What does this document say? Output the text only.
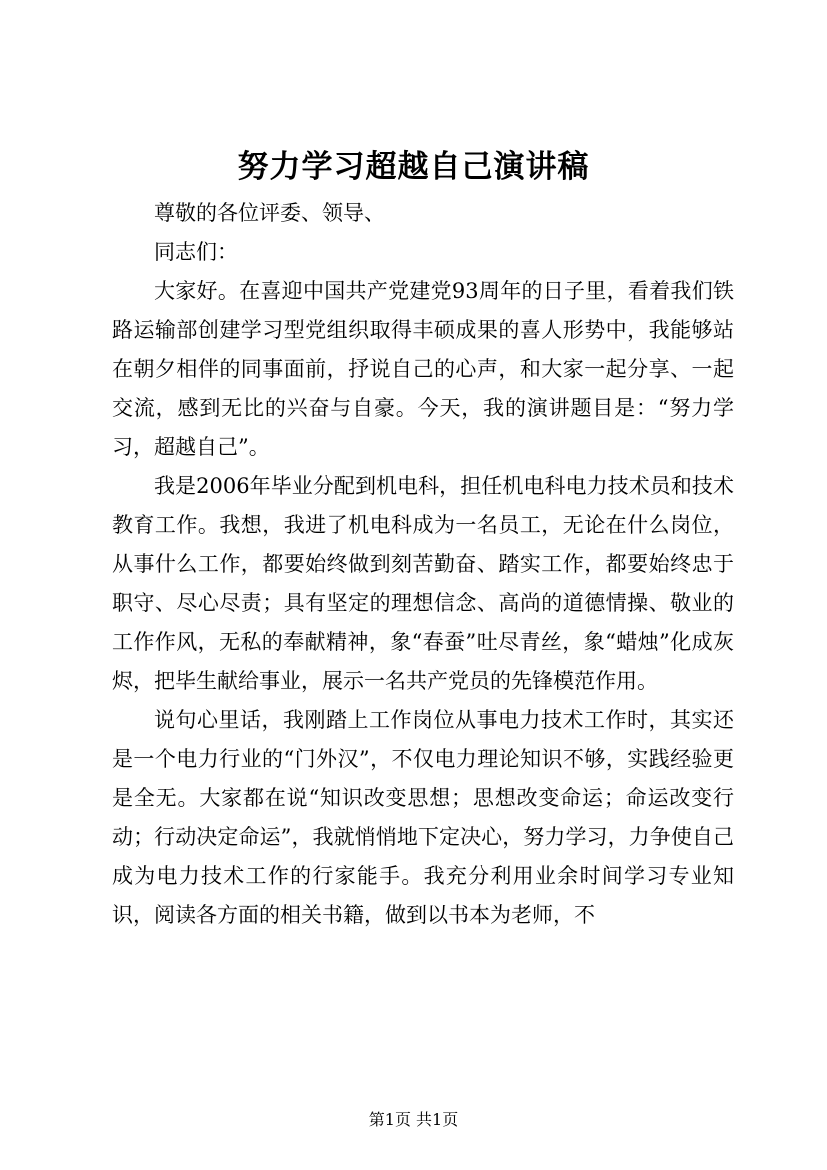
努力学习超越自己演讲稿

尊敬的各位评委、领导、

同志们：

大家好。在喜迎中国共产党建党93周年的日子里，看着我们铁路运输部创建学习型党组织取得丰硕成果的喜人形势中，我能够站在朝夕相伴的同事面前，抒说自己的心声，和大家一起分享、一起交流，感到无比的兴奋与自豪。今天，我的演讲题目是：“努力学习，超越自己”。

我是2006年毕业分配到机电科，担任机电科电力技术员和技术教育工作。我想，我进了机电科成为一名员工，无论在什么岗位，从事什么工作，都要始终做到刻苦勤奋、踏实工作，都要始终忠于职守、尽心尽责；具有坚定的理想信念、高尚的道德情操、敬业的工作作风，无私的奉献精神，象“春蚕”吐尽青丝，象“蜡烛”化成灰烬，把毕生献给事业，展示一名共产党员的先锋模范作用。

说句心里话，我刚踏上工作岗位从事电力技术工作时，其实还是一个电力行业的“门外汉”，不仅电力理论知识不够，实践经验更是全无。大家都在说“知识改变思想；思想改变命运；命运改变行动；行动决定命运”，我就悄悄地下定决心，努力学习，力争使自己成为电力技术工作的行家能手。我充分利用业余时间学习专业知识，阅读各方面的相关书籍，做到以书本为老师，不

第1页 共1页
